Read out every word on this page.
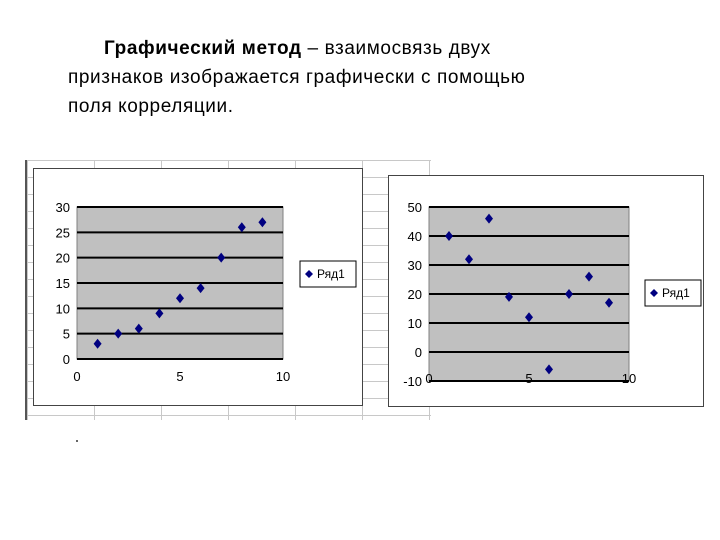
Графический метод – взаимосвязь двух
признаков изображается графически с помощью
поля корреляции.
0
5
10
15
20
25
30
0	5	10
Ряд1
-10
0
10
20
30
40
50
0	5	10
Ряд1
